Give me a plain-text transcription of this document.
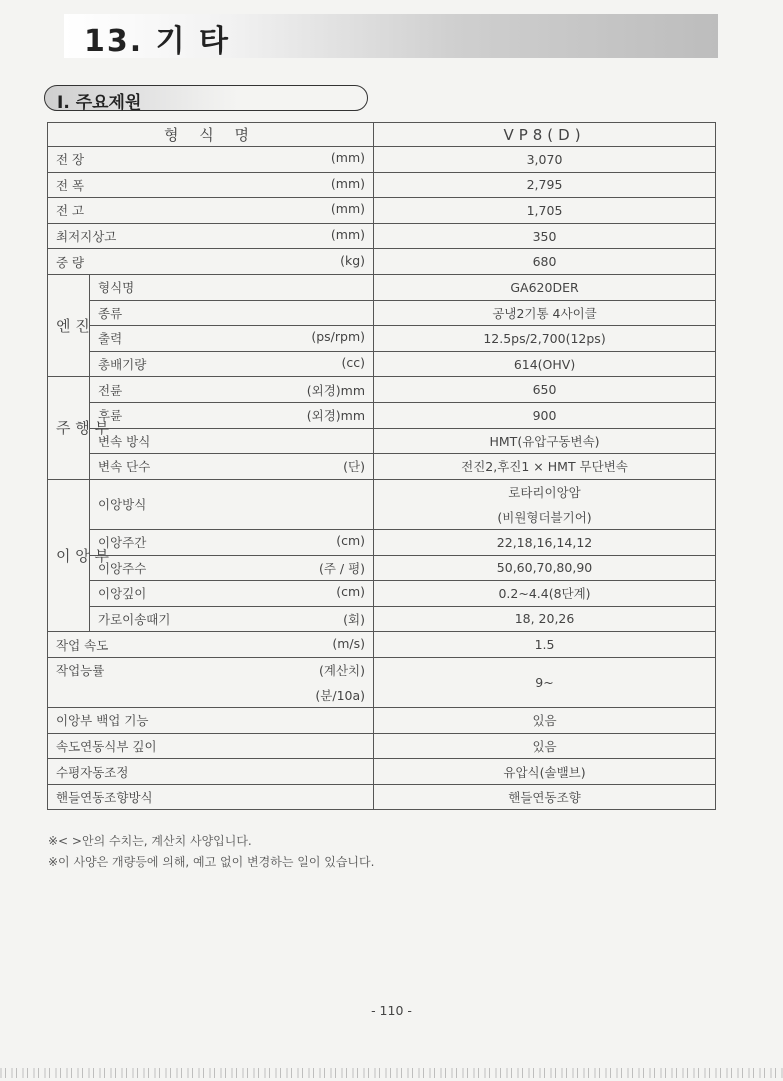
13. 기 타
I. 주요제원
형 식 명		VP8(D)

전 장 (mm)		3,070

전 폭 (mm)		2,795

전 고 (mm)		1,705

최저지상고 (mm)		350

중 량 (kg)		680
엔 진	형식명	GA620DER

	종류	공냉2기통 4사이클

	출력 (ps/rpm)	12.5ps/2,700(12ps)

	총배기량 (cc)	614(OHV)
주 행 부	전륜 (외경)mm	650

	후륜 (외경)mm	900

	변속 방식	HMT(유압구동변속)

	변속 단수 (단)	전진2,후진1 × HMT 무단변속
이 앙 부	이앙방식	로타리이앙암
		(비원형더블기어)

	이앙주간 (cm)	22,18,16,14,12

	이앙주수 (주 / 평)	50,60,70,80,90

	이앙깊이 (cm)	0.2~4.4(8단계)

	가로이송때기 (회)	18, 20,26

작업 속도 (m/s)		1.5

작업능률 (계산치)		9~

(분/10a)		

이앙부 백업 기능		있음

속도연동식부 깊이		있음

수평자동조정		유압식(솔밸브)

핸들연동조향방식		핸들연동조향
※< >안의 수치는, 계산치 사양입니다.
※이 사양은 개량등에 의해, 예고 없이 변경하는 일이 있습니다.
- 110 -
